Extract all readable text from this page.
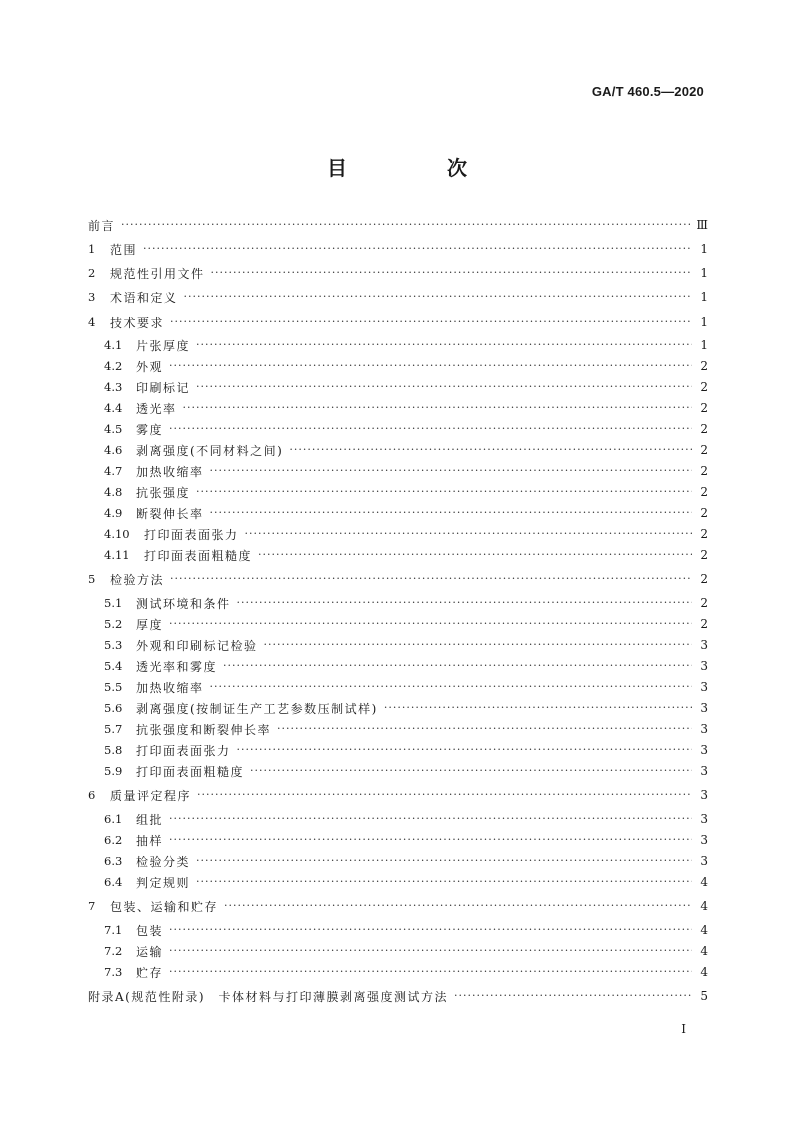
GA/T 460.5—2020
目　次
前言 ·····	Ⅲ
1	范围 ·····	1
2	规范性引用文件 ·····	1
3	术语和定义 ·····	1
4	技术要求 ·····	1
4.1	片张厚度 ·····	1
4.2	外观 ·····	2
4.3	印刷标记 ·····	2
4.4	透光率 ·····	2
4.5	雾度 ·····	2
4.6	剥离强度(不同材料之间) ·····	2
4.7	加热收缩率 ·····	2
4.8	抗张强度 ·····	2
4.9	断裂伸长率 ·····	2
4.10	打印面表面张力 ·····	2
4.11	打印面表面粗糙度 ·····	2
5	检验方法 ·····	2
5.1	测试环境和条件 ·····	2
5.2	厚度 ·····	2
5.3	外观和印刷标记检验 ·····	3
5.4	透光率和雾度 ·····	3
5.5	加热收缩率 ·····	3
5.6	剥离强度(按制证生产工艺参数压制试样) ·····	3
5.7	抗张强度和断裂伸长率 ·····	3
5.8	打印面表面张力 ·····	3
5.9	打印面表面粗糙度 ·····	3
6	质量评定程序 ·····	3
6.1	组批 ·····	3
6.2	抽样 ·····	3
6.3	检验分类 ·····	3
6.4	判定规则 ·····	4
7	包装、运输和贮存 ·····	4
7.1	包装 ·····	4
7.2	运输 ·····	4
7.3	贮存 ·····	4
附录A(规范性附录)　卡体材料与打印薄膜剥离强度测试方法 ·····	5
I
